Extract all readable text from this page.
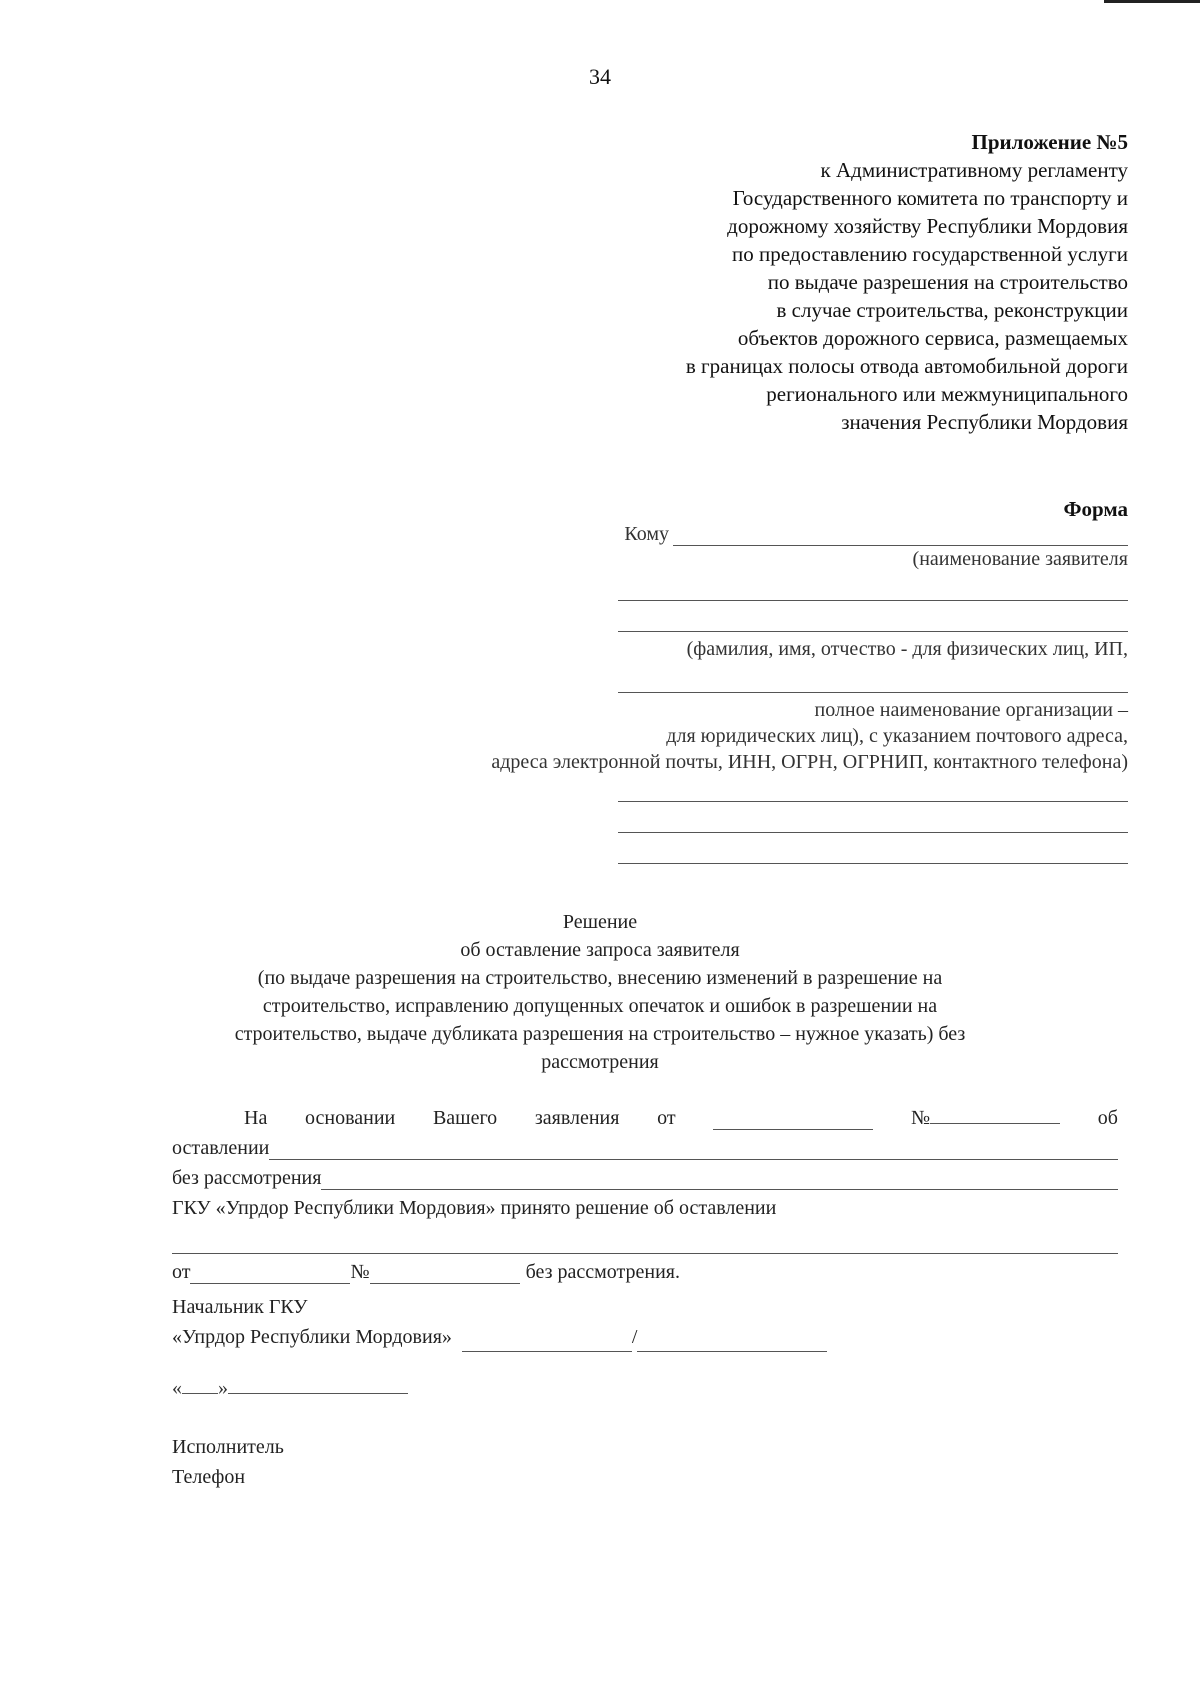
34
Приложение №5
к Административному регламенту
Государственного комитета по транспорту и
дорожному хозяйству Республики Мордовия
по предоставлению государственной услуги
по выдаче разрешения на строительство
в случае строительства, реконструкции
объектов дорожного сервиса, размещаемых
в границах полосы отвода автомобильной дороги
регионального или межмуниципального
значения Республики Мордовия
Форма
Кому
(наименование заявителя
(фамилия, имя, отчество - для физических лиц, ИП,
полное наименование организации –
для юридических лиц), с указанием почтового адреса,
адреса электронной почты, ИНН, ОГРН, ОГРНИП, контактного телефона)
Решение
об оставление запроса заявителя
(по выдаче разрешения на строительство, внесению изменений в разрешение на
строительство, исправлению допущенных опечаток и ошибок в разрешении на
строительство, выдаче дубликата разрешения на строительство – нужное указать) без
рассмотрения
На основании Вашего заявления от	№	об
оставлении
без рассмотрения
ГКУ «Упрдор Республики Мордовия» принято решение об оставлении
от	№	без рассмотрения.
Начальник ГКУ
«Упрдор Республики Мордовия»	/
« »
Исполнитель
Телефон
